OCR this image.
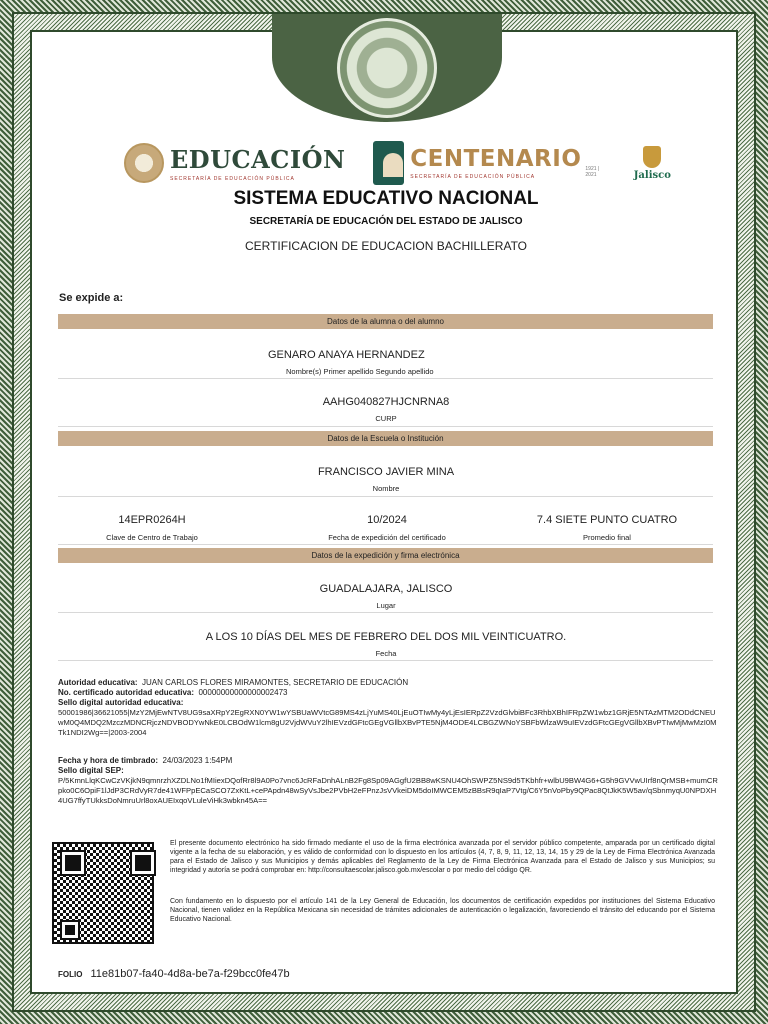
EDUCACIÓN
SECRETARÍA DE EDUCACIÓN PÚBLICA
CENTENARIO
SECRETARÍA DE EDUCACIÓN PÚBLICA
1921 | 2021	Jalisco
SISTEMA EDUCATIVO NACIONAL
SECRETARÍA DE EDUCACIÓN DEL ESTADO DE JALISCO
CERTIFICACION DE EDUCACION BACHILLERATO
Se expide a:
Datos de la alumna o del alumno
GENARO ANAYA HERNANDEZ
Nombre(s) Primer apellido Segundo apellido
AAHG040827HJCNRNA8
CURP
Datos de la Escuela o Institución
FRANCISCO JAVIER MINA
Nombre
14EPR0264H
Clave de Centro de Trabajo
10/2024
Fecha de expedición del certificado
7.4 SIETE PUNTO CUATRO
Promedio final
Datos de la expedición y firma electrónica
GUADALAJARA, JALISCO
Lugar
A LOS 10 DÍAS DEL MES DE FEBRERO DEL DOS MIL VEINTICUATRO.
Fecha
Autoridad educativa: JUAN CARLOS FLORES MIRAMONTES, SECRETARIO DE EDUCACIÓN
No. certificado autoridad educativa: 00000000000000002473
Sello digital autoridad educativa:
50001986|36621055|MzY2MjEwNTV8UG9saXRpY2EgRXN0YW1wYSBUaWVtcG89MS4zLjYuMS40LjEuOTIwMy4yLjEsIERpZ2VzdGlvbiBFc3RhbXBhIFRpZW1wbz1GRjE5NTAzMTM2ODdCNEUwM0Q4MDQ2MzczMDNCRjczNDVBODYwNkE0LCBOdW1lcm8gU2VjdWVuY2lhIEVzdGFtcGEgVGllbXBvPTE5NjM4ODE4LCBGZWNoYSBFbWlzaW9uIEVzdGFtcGEgVGllbXBvPTIwMjMwMzI0MTk1NDI2Wg==|2003-2004
Fecha y hora de timbrado: 24/03/2023 1:54PM
Sello digital SEP:
P/5KmnLlqKCwCzVKjkN9qmnrzhXZDLNo1fMIiexDQofRr8l9A0Po7vnc6JcRFaDnhALnB2Fg8Sp09AGgfU2BB8wKSNU4OhSWPZ5NS9d5TKbhfr+wlbU9BW4G6+G5h9GVVwUIrf8nQrMSB+mumCRpko0C6OpiF1lJdP3CRdVyR7de41WFPpECaSCO7ZxKtL+cePApdn48wSyVsJbe2PVbH2eFPnzJsVVkeiDM5doIMWCEM5zBBsR9qIaP7Vtg/C6Y5nVoPby9QPac8QtJkK5W5av/qSbnmyqU0NPDXH4UG7ffyTUkksDoNmruUrl8oxAUEIxqoVLuleViHk3wbkn45A==
El presente documento electrónico ha sido firmado mediante el uso de la firma electrónica avanzada por el servidor público competente, amparada por un certificado digital vigente a la fecha de su elaboración, y es válido de conformidad con lo dispuesto en los artículos (4, 7, 8, 9, 11, 12, 13, 14, 15 y 29 de la Ley de Firma Electrónica Avanzada para el Estado de Jalisco y sus Municipios y demás aplicables del Reglamento de la Ley de Firma Electrónica Avanzada para el Estado de Jalisco y sus Municipios; su integridad y autoría se podrá comprobar en: http://consultaescolar.jalisco.gob.mx/escolar o por medio del código QR.
Con fundamento en lo dispuesto por el artículo 141 de la Ley General de Educación, los documentos de certificación expedidos por instituciones del Sistema Educativo Nacional, tienen validez en la República Mexicana sin necesidad de trámites adicionales de autenticación o legalización, favoreciendo el tránsito del educando por el Sistema Educativo Nacional.
FOLIO 11e81b07-fa40-4d8a-be7a-f29bcc0fe47b
